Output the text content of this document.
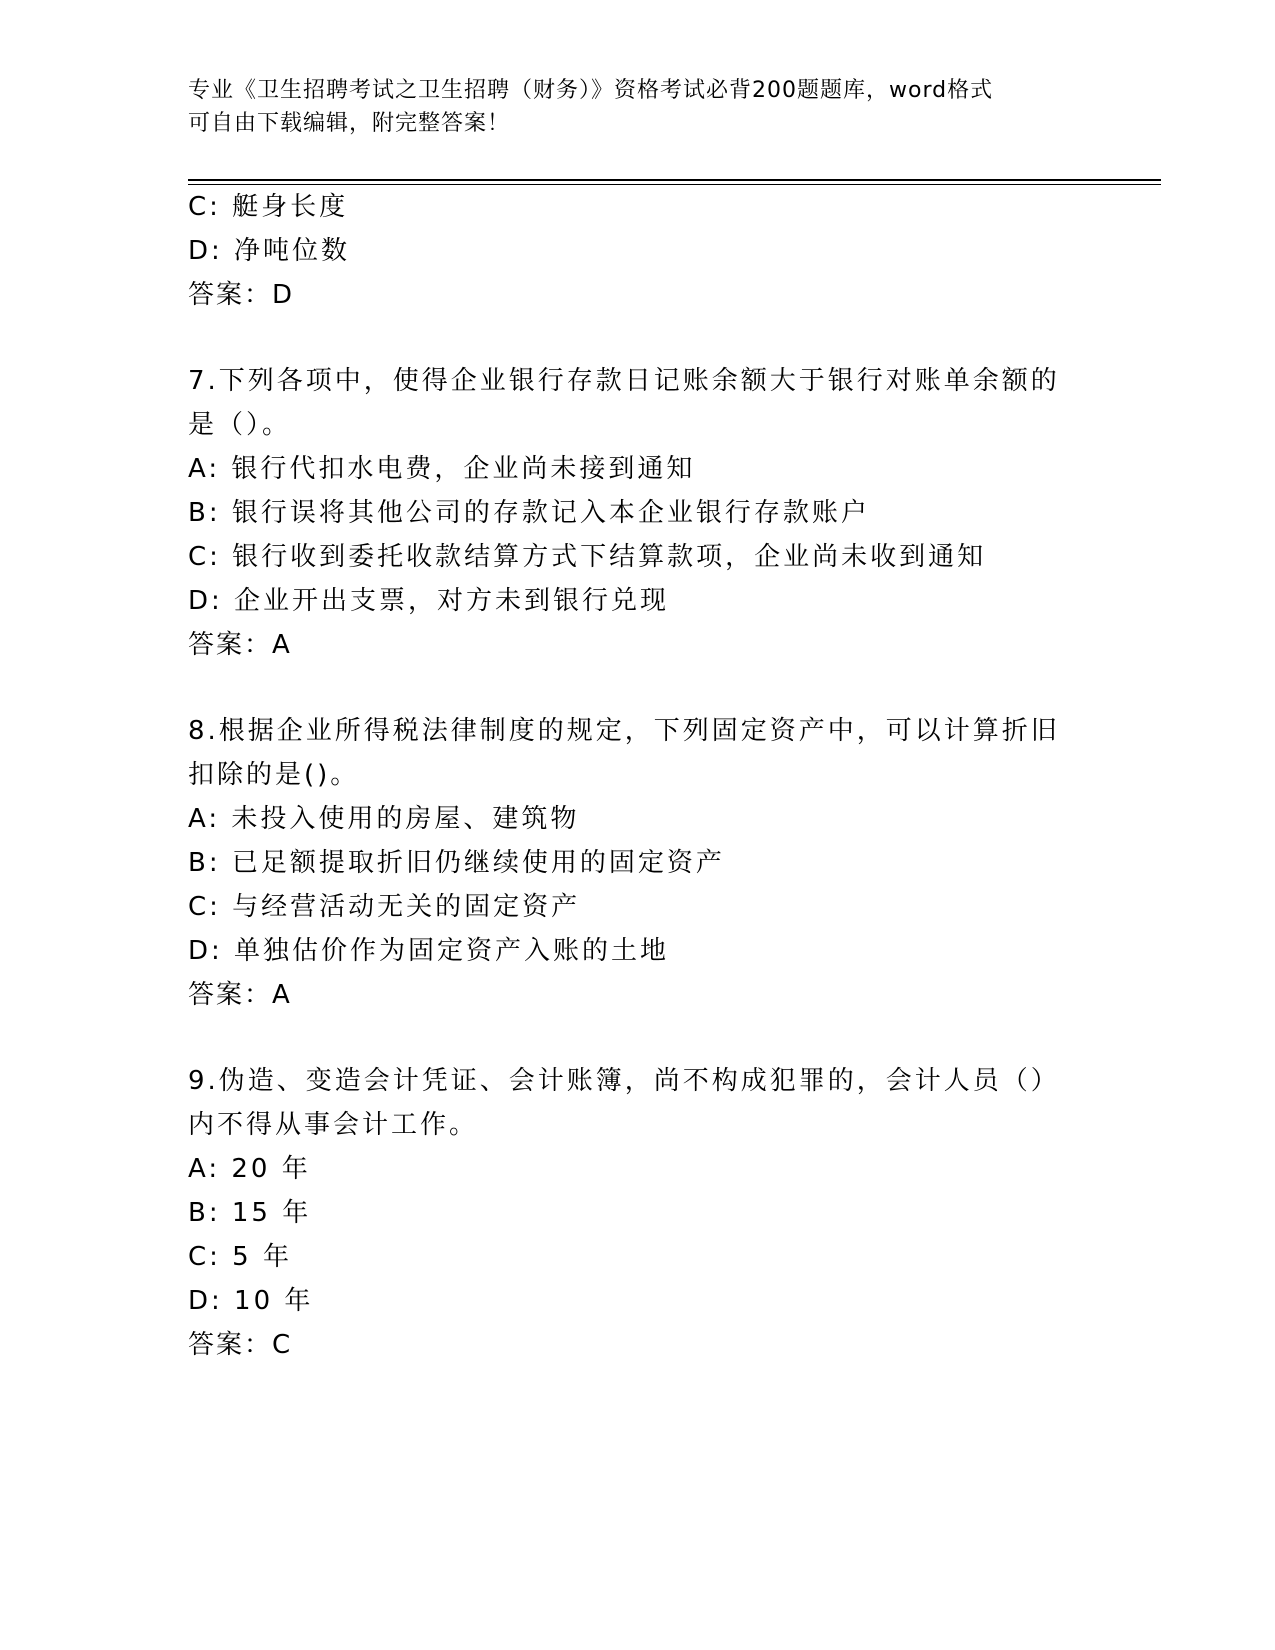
专业《卫生招聘考试之卫生招聘（财务）》资格考试必背200题题库，word格式
可自由下载编辑，附完整答案！
C: 艇身长度
D: 净吨位数
答案：D
7.下列各项中，使得企业银行存款日记账余额大于银行对账单余额的
是（）。
A: 银行代扣水电费，企业尚未接到通知
B: 银行误将其他公司的存款记入本企业银行存款账户
C: 银行收到委托收款结算方式下结算款项，企业尚未收到通知
D: 企业开出支票，对方未到银行兑现
答案：A
8.根据企业所得税法律制度的规定，下列固定资产中，可以计算折旧
扣除的是()。
A: 未投入使用的房屋、建筑物
B: 已足额提取折旧仍继续使用的固定资产
C: 与经营活动无关的固定资产
D: 单独估价作为固定资产入账的土地
答案：A
9.伪造、变造会计凭证、会计账簿，尚不构成犯罪的，会计人员（）
内不得从事会计工作。
A: 20 年
B: 15 年
C: 5 年
D: 10 年
答案：C
